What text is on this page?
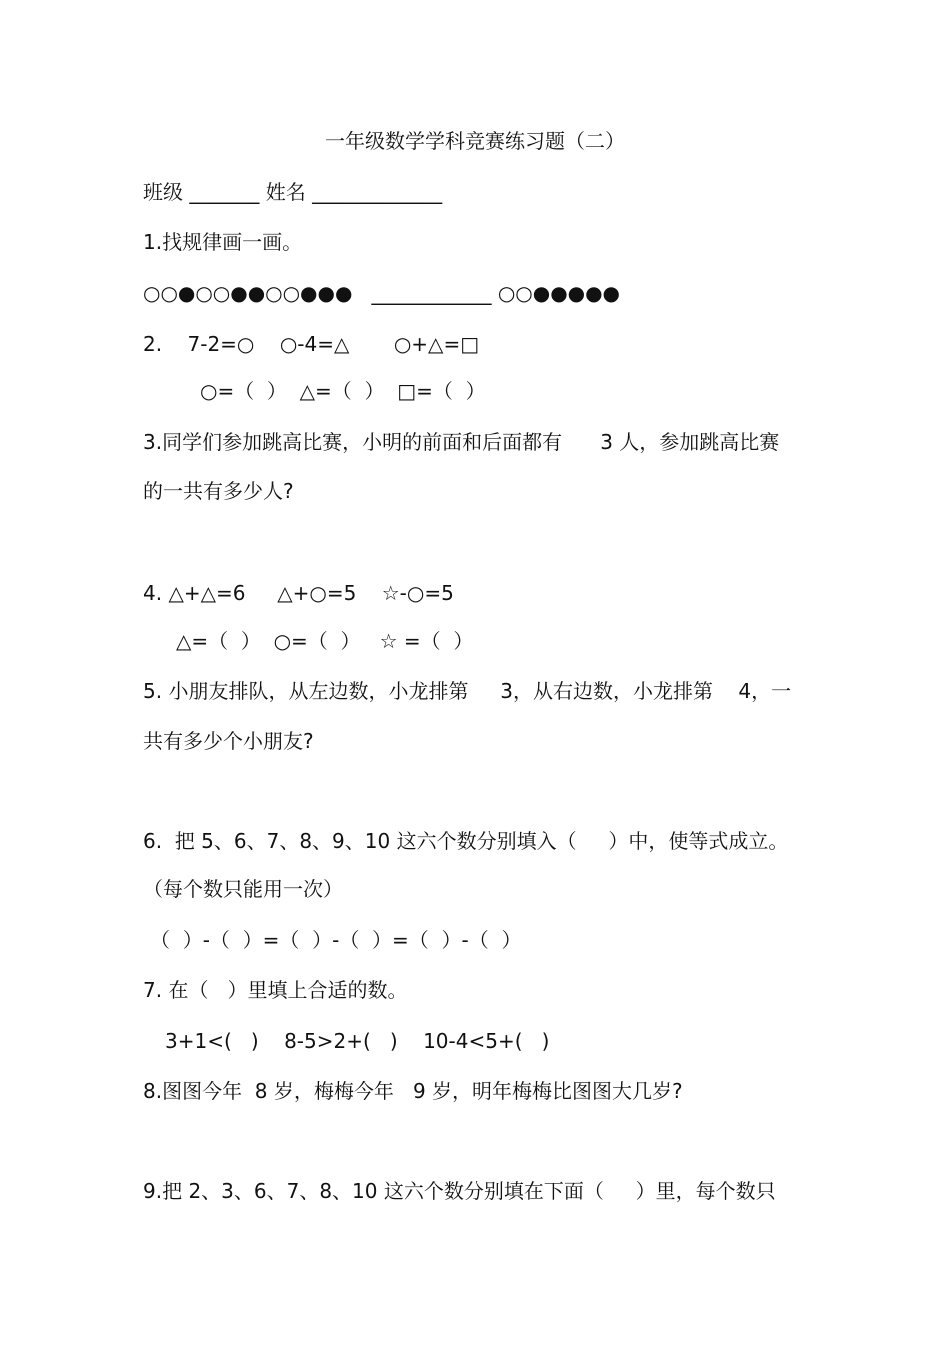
一年级数学学科竞赛练习题（二）
班级 _______ 姓名 _____________
1.找规律画一画。
○○●○○●●○○●●●   ____________ ○○●●●●●
2.    7-2=○    ○-4=△       ○+△=□
○=（  ）  △=（  ）  □=（  ）
3.同学们参加跳高比赛，小明的前面和后面都有      3 人，参加跳高比赛
的一共有多少人?
4. △+△=6     △+○=5    ☆-○=5
△=（  ）  ○=（  ）   ☆ =（  ）
5. 小朋友排队，从左边数，小龙排第     3，从右边数，小龙排第    4，一
共有多少个小朋友?
6.  把 5、6、7、8、9、10 这六个数分别填入（     ）中，使等式成立。
（每个数只能用一次）
（  ）-（  ）=（  ）-（  ）=（  ）-（  ）
7. 在（   ）里填上合适的数。
3+1<(   )    8-5>2+(   )    10-4<5+(   )
8.图图今年  8 岁，梅梅今年   9 岁，明年梅梅比图图大几岁?
9.把 2、3、6、7、8、10 这六个数分别填在下面（     ）里，每个数只
